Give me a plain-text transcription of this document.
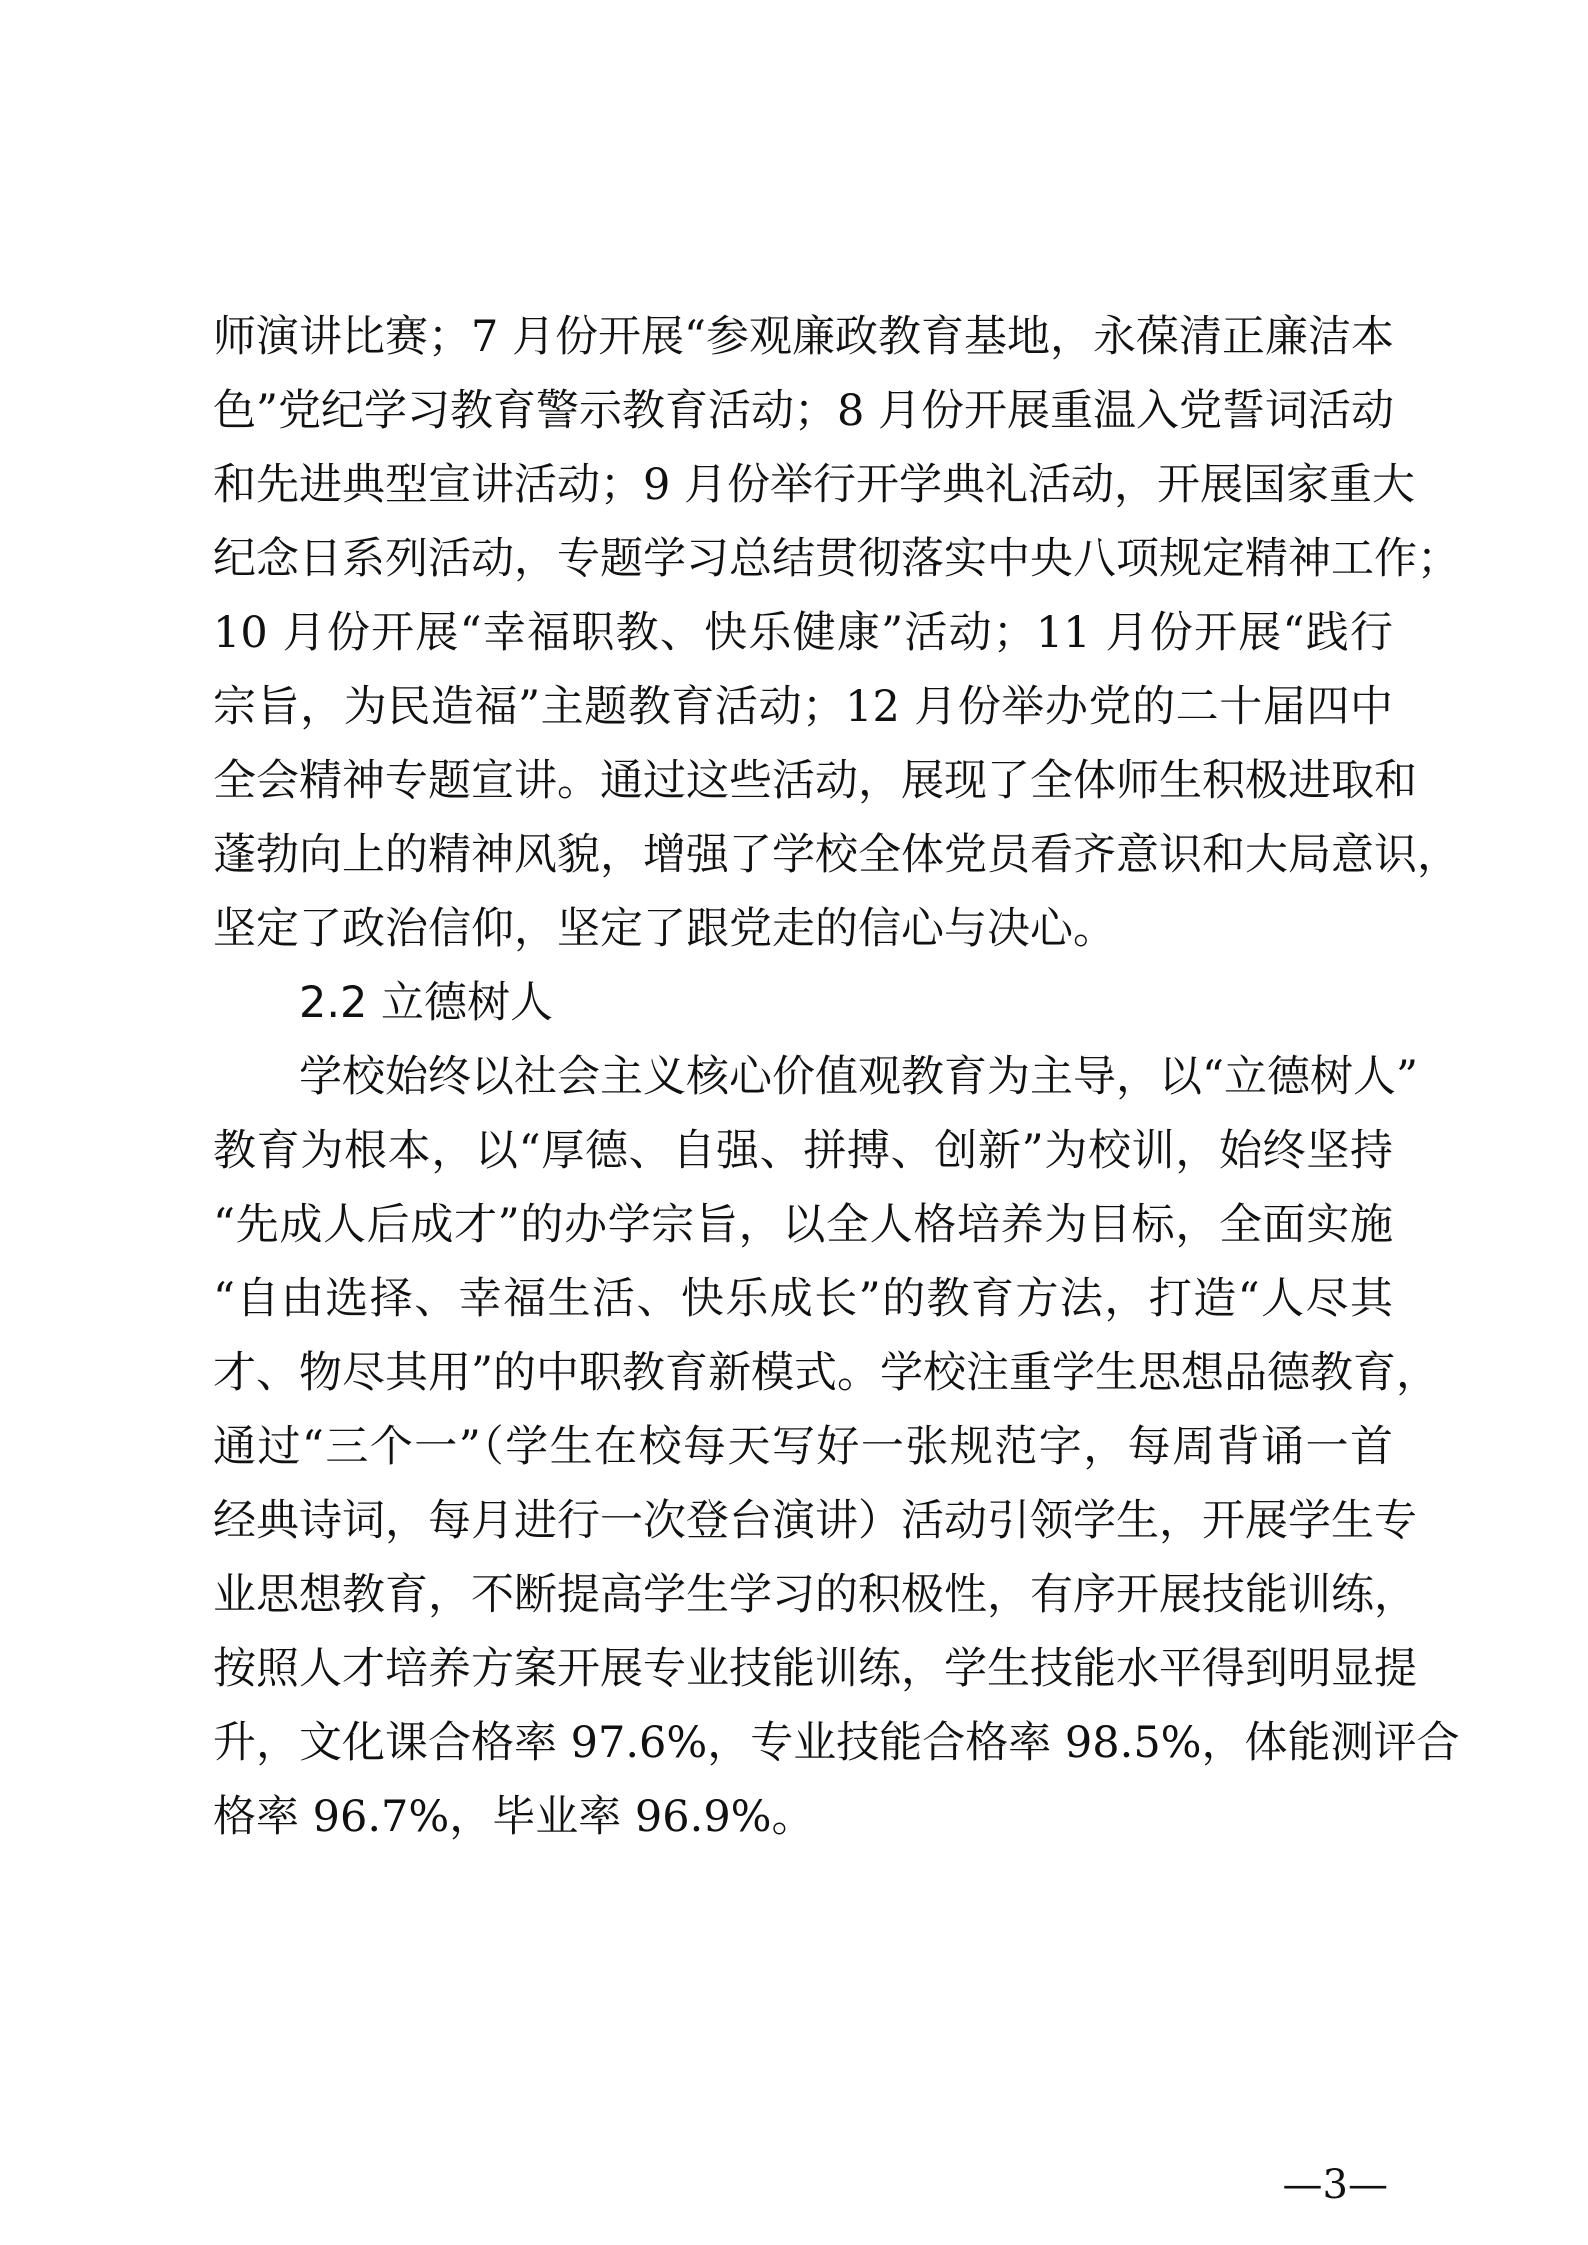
师演讲比赛；7 月份开展“参观廉政教育基地，永葆清正廉洁本
色”党纪学习教育警示教育活动；8 月份开展重温入党誓词活动
和先进典型宣讲活动；9 月份举行开学典礼活动，开展国家重大
纪念日系列活动，专题学习总结贯彻落实中央八项规定精神工作；
10 月份开展“幸福职教、快乐健康”活动；11 月份开展“践行
宗旨，为民造福”主题教育活动；12 月份举办党的二十届四中
全会精神专题宣讲。通过这些活动，展现了全体师生积极进取和
蓬勃向上的精神风貌，增强了学校全体党员看齐意识和大局意识，
坚定了政治信仰，坚定了跟党走的信心与决心。
2.2 立德树人
学校始终以社会主义核心价值观教育为主导，以“立德树人”
教育为根本，以“厚德、自强、拼搏、创新”为校训，始终坚持
“先成人后成才”的办学宗旨，以全人格培养为目标，全面实施
“自由选择、幸福生活、快乐成长”的教育方法，打造“人尽其
才、物尽其用”的中职教育新模式。学校注重学生思想品德教育，
通过“三个一”（学生在校每天写好一张规范字，每周背诵一首
经典诗词，每月进行一次登台演讲）活动引领学生，开展学生专
业思想教育，不断提高学生学习的积极性，有序开展技能训练，
按照人才培养方案开展专业技能训练，学生技能水平得到明显提
升，文化课合格率 97.6%，专业技能合格率 98.5%，体能测评合
格率 96.7%，毕业率 96.9%。
—3—
